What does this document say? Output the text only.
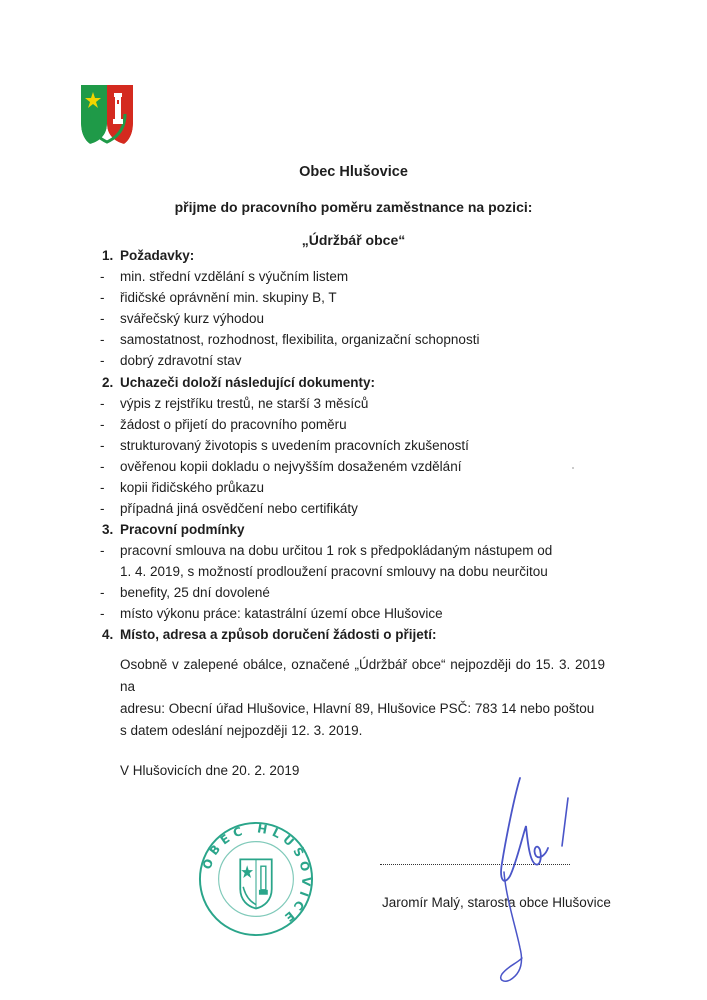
Obec Hlušovice
přijme do pracovního poměru zaměstnance na pozici:
„Údržbář obce“
1. Požadavky:
- min. střední vzdělání s výučním listem
- řidičské oprávnění min. skupiny B, T
- svářečský kurz výhodou
- samostatnost, rozhodnost, flexibilita, organizační schopnosti
- dobrý zdravotní stav
2. Uchazeči doloží následující dokumenty:
- výpis z rejstříku trestů, ne starší 3 měsíců
- žádost o přijetí do pracovního poměru
- strukturovaný životopis s uvedením pracovních zkušeností
- ověřenou kopii dokladu o nejvyšším dosaženém vzdělání
- kopii řidičského průkazu
- případná jiná osvědčení nebo certifikáty
3. Pracovní podmínky
- pracovní smlouva na dobu určitou 1 rok s předpokládaným nástupem od
1. 4. 2019, s možností prodloužení pracovní smlouvy na dobu neurčitou
- benefity, 25 dní dovolené
- místo výkonu práce: katastrální území obce Hlušovice
4. Místo, adresa a způsob doručení žádosti o přijetí:
Osobně v zalepené obálce, označené „Údržbář obce“ nejpozději do 15. 3. 2019 na
adresu: Obecní úřad Hlušovice, Hlavní 89, Hlušovice PSČ: 783 14 nebo poštou
s datem odeslání nejpozději 12. 3. 2019.
V Hlušovicích dne 20. 2. 2019
OBEC HLUŠOVICE
Jaromír Malý, starosta obce Hlušovice
